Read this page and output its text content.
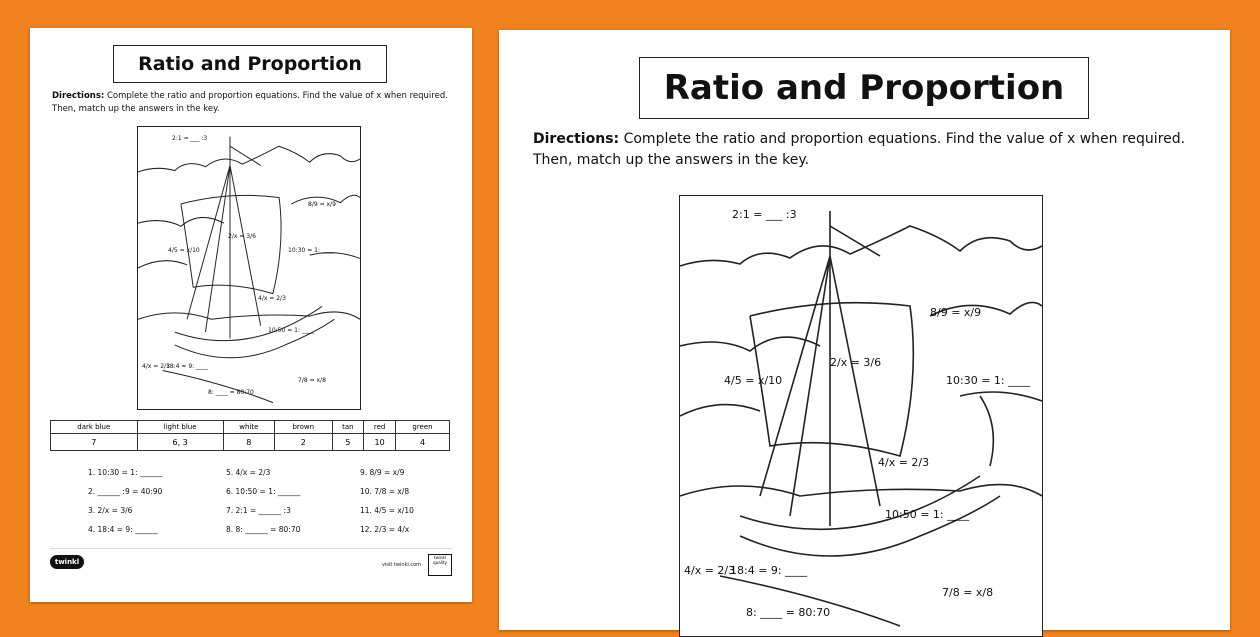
Ratio and Proportion
Directions: Complete the ratio and proportion equations. Find the value of x when required. Then, match up the answers in the key.
2:1 = ___ :3
8/9 = x/9
2/x = 3/6
4/5 = x/10	10:30 = 1: ____
4/x = 2/3
10:50 = 1: ____
4/x = 2/3
18:4 = 9: ____
7/8 = x/8
8: ____ = 80:70
dark blue	light blue	white	brown	tan	red	green
7	6, 3	8	2	5	10	4
1. 10:30 = 1: ______
2. ______ :9 = 40:90
3. 2/x = 3/6
4. 18:4 = 9: ______
5. 4/x = 2/3
6. 10:50 = 1: ______
7. 2:1 = ______ :3
8. 8: ______ = 80:70
9. 8/9 = x/9
10. 7/8 = x/8
11. 4/5 = x/10
12. 2/3 = 4/x
twinkl	visit twinkl.com
twinkl quality
Ratio and Proportion
Directions: Complete the ratio and proportion equations. Find the value of x when required. Then, match up the answers in the key.
2:1 = ___ :3
8/9 = x/9
2/x = 3/6
4/5 = x/10	10:30 = 1: ____
4/x = 2/3
10:50 = 1: ____
4/x = 2/3
18:4 = 9: ____
7/8 = x/8
8: ____ = 80:70
